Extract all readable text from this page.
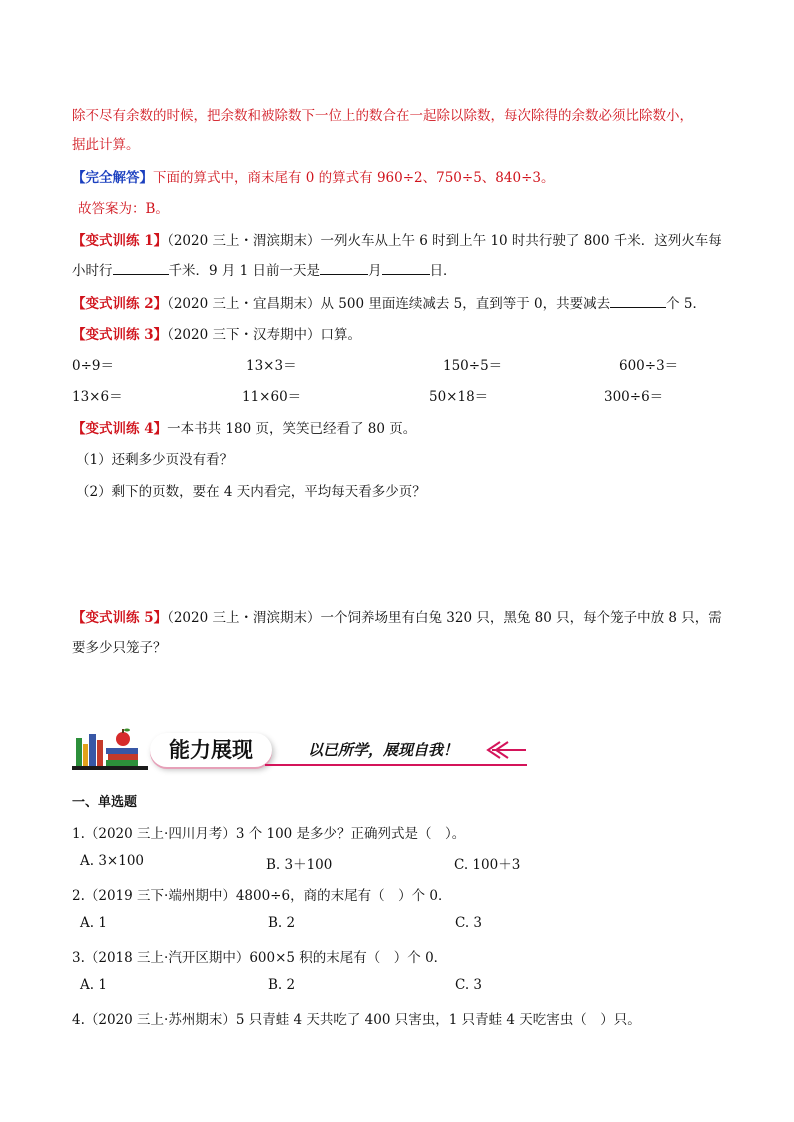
除不尽有余数的时候，把余数和被除数下一位上的数合在一起除以除数，每次除得的余数必须比除数小，
据此计算。
【完全解答】下面的算式中，商末尾有 0 的算式有 960÷2、750÷5、840÷3。
故答案为：B。
【变式训练 1】（2020 三上・渭滨期末）一列火车从上午 6 时到上午 10 时共行驶了 800 千米．这列火车每
小时行	千米．9 月 1 日前一天是	月	日．
【变式训练 2】（2020 三上・宜昌期末）从 500 里面连续减去 5，直到等于 0，共要减去	个 5．
【变式训练 3】（2020 三下・汉寿期中）口算。
0÷9＝	13×3＝	150÷5＝	600÷3＝
13×6＝	11×60＝	50×18＝	300÷6＝
【变式训练 4】一本书共 180 页，笑笑已经看了 80 页。
（1）还剩多少页没有看？
（2）剩下的页数，要在 4 天内看完，平均每天看多少页？
【变式训练 5】（2020 三上・渭滨期末）一个饲养场里有白兔 320 只，黑兔 80 只，每个笼子中放 8 只，需
要多少只笼子？
能力展现	以已所学，展现自我！
一、单选题
1.（2020 三上·四川月考）3 个 100 是多少？正确列式是（　）。
A. 3×100	B. 3＋100	C. 100＋3
2.（2019 三下·端州期中）4800÷6，商的末尾有（　）个 0．
A. 1	B. 2	C. 3
3.（2018 三上·汽开区期中）600×5 积的末尾有（　）个 0．
A. 1	B. 2	C. 3
4.（2020 三上·苏州期末）5 只青蛙 4 天共吃了 400 只害虫，1 只青蛙 4 天吃害虫（　）只。
